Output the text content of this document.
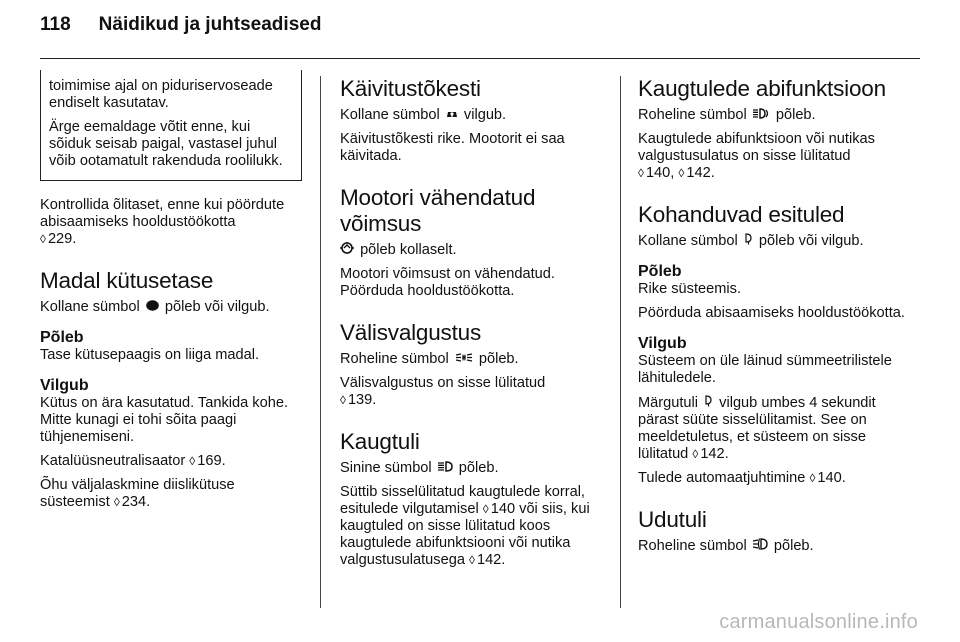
118 Näidikud ja juhtseadised

toimimise ajal on piduriservoseade endiselt kasutatav.

Ärge eemaldage võtit enne, kui sõiduk seisab paigal, vastasel juhul võib ootamatult rakenduda roolilukk.

Kontrollida õlitaset, enne kui pöördute abisaamiseks hooldustöökotta
◊ 229.

Madal kütusetase

Kollane sümbol põleb või vilgub.

Põleb

Tase kütusepaagis on liiga madal.

Vilgub

Kütus on ära kasutatud. Tankida kohe. Mitte kunagi ei tohi sõita paagi tühjenemiseni.

Katalüüsneutralisaator ◊ 169.

Õhu väljalaskmine diislikütuse süsteemist ◊ 234.

Käivitustõkesti

Kollane sümbol vilgub.

Käivitustõkesti rike. Mootorit ei saa käivitada.

Mootori vähendatud võimsus

põleb kollaselt.

Mootori võimsust on vähendatud. Pöörduda hooldustöökotta.

Välisvalgustus

Roheline sümbol põleb.

Välisvalgustus on sisse lülitatud
◊ 139.

Kaugtuli

Sinine sümbol põleb.

Süttib sisselülitatud kaugtulede korral, esitulede vilgutamisel ◊ 140 või siis, kui kaugtuled on sisse lülitatud koos kaugtulede abifunktsiooni või nutika valgustusulatusega ◊ 142.

Kaugtulede abifunktsioon

Roheline sümbol põleb.

Kaugtulede abifunktsioon või nutikas valgustusulatus on sisse lülitatud
◊ 140, ◊ 142.

Kohanduvad esituled

Kollane sümbol põleb või vilgub.

Põleb

Rike süsteemis.

Pöörduda abisaamiseks hooldustöökotta.

Vilgub

Süsteem on üle läinud sümmeetrilistele lähituledele.

Märgutuli vilgub umbes 4 sekundit pärast süüte sisselülitamist. See on meeldetuletus, et süsteem on sisse lülitatud ◊ 142.

Tulede automaatjuhtimine ◊ 140.

Udutuli

Roheline sümbol põleb.

carmanualsonline.info
